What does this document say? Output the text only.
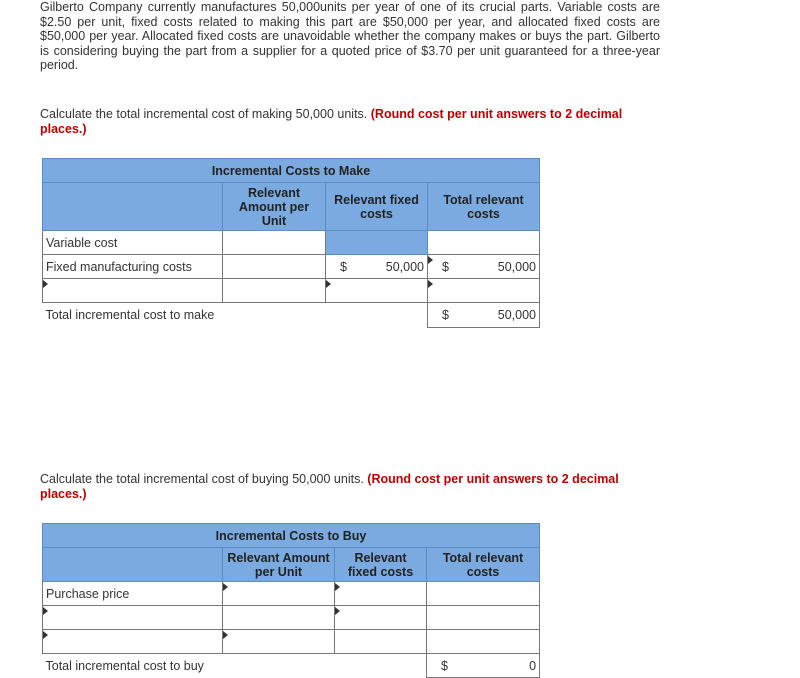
Gilberto Company currently manufactures 50,000units per year of one of its crucial parts. Variable costs are $2.50 per unit, fixed costs related to making this part are $50,000 per year, and allocated fixed costs are $50,000 per year. Allocated fixed costs are unavoidable whether the company makes or buys the part. Gilberto is considering buying the part from a supplier for a quoted price of $3.70 per unit guaranteed for a three-year period.
Calculate the total incremental cost of making 50,000 units. (Round cost per unit answers to 2 decimal places.)
Incremental Costs to Make			
	Relevant Amount per Unit	Relevant fixed costs	Total relevant costs
Variable cost			
Fixed manufacturing costs		$ 50,000	$ 50,000

Total incremental cost to make			$ 50,000
Calculate the total incremental cost of buying 50,000 units. (Round cost per unit answers to 2 decimal places.)
Incremental Costs to Buy			
	Relevant Amount per Unit	Relevant fixed costs	Total relevant costs
Purchase price	

Total incremental cost to buy			$ 0
